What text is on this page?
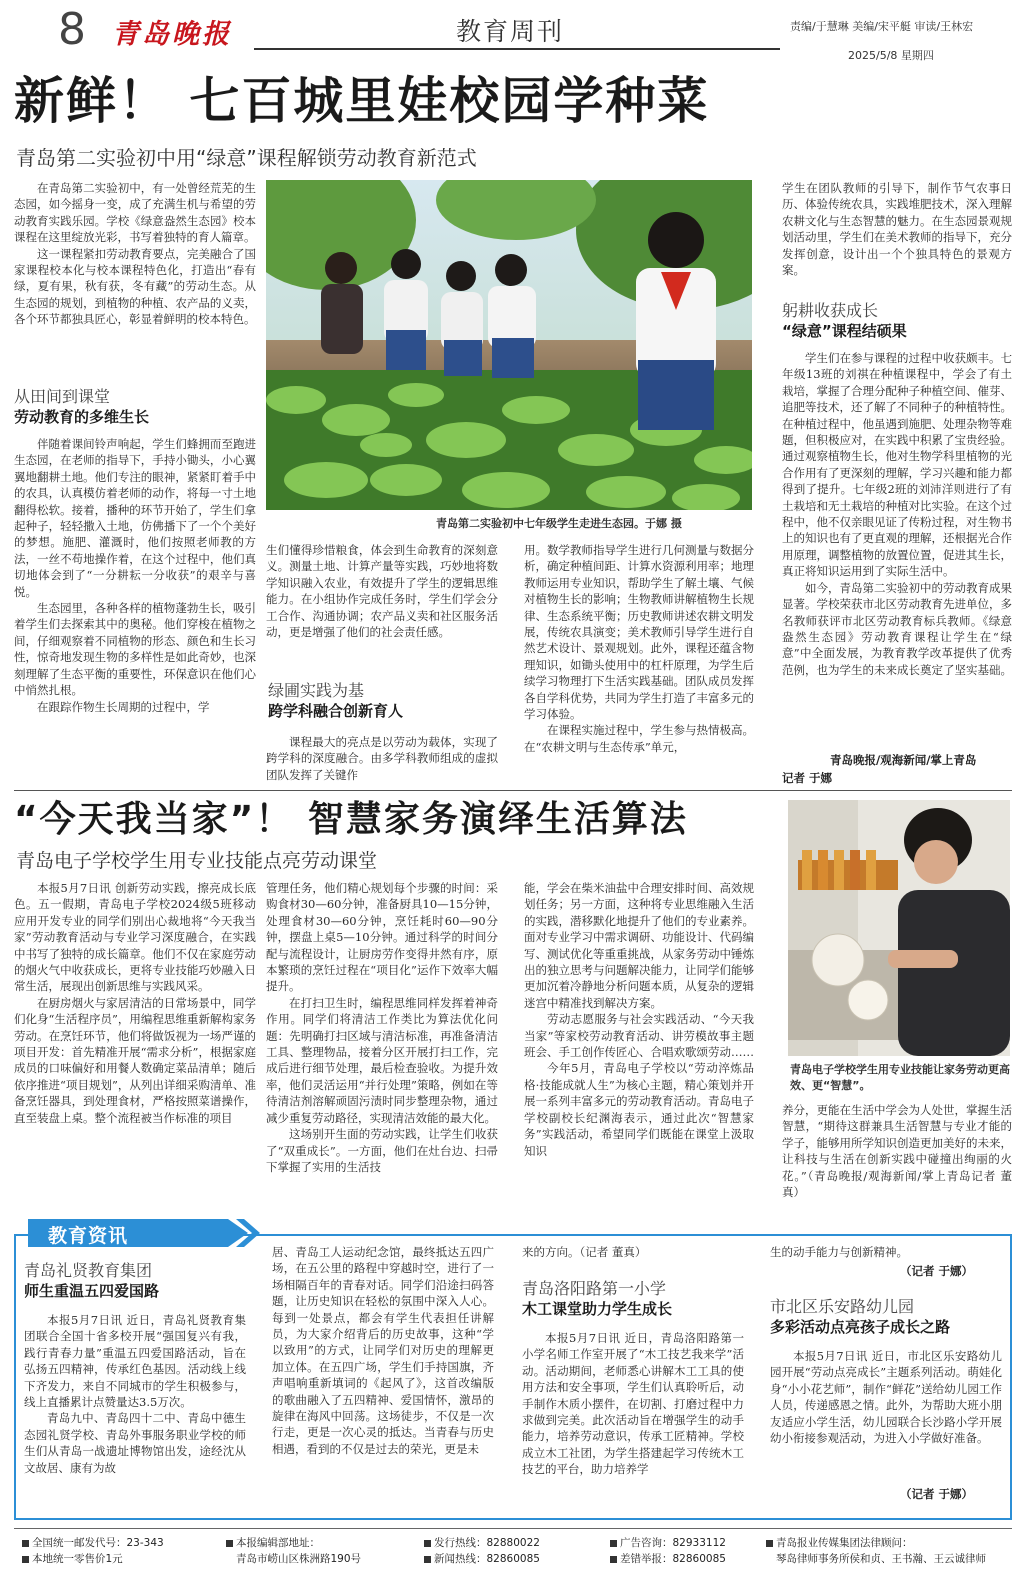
8 青岛晚报	教育周刊	责编/于慧琳 美编/宋平艇 审读/王林宏
2025/5/8 星期四
新鲜！ 七百城里娃校园学种菜
青岛第二实验初中用“绿意”课程解锁劳动教育新范式

在青岛第二实验初中，有一处曾经荒芜的生态园，如今摇身一变，成了充满生机与希望的劳动教育实践乐园。学校《绿意盎然生态园》校本课程在这里绽放光彩，书写着独特的育人篇章。

这一课程紧扣劳动教育要点，完美融合了国家课程校本化与校本课程特色化，打造出“春有绿，夏有果，秋有获，冬有藏”的劳动生态。从生态园的规划，到植物的种植、农产品的义卖，各个环节都独具匠心，彰显着鲜明的校本特色。

从田间到课堂
劳动教育的多维生长

伴随着课间铃声响起，学生们蜂拥而至跑进生态园，在老师的指导下，手持小锄头，小心翼翼地翻耕土地。他们专注的眼神，紧紧盯着手中的农具，认真模仿着老师的动作，将每一寸土地翻得松软。接着，播种的环节开始了，学生们拿起种子，轻轻撒入土地，仿佛播下了一个个美好的梦想。施肥、灌溉时，他们按照老师教的方法，一丝不苟地操作着，在这个过程中，他们真切地体会到了“一分耕耘一分收获”的艰辛与喜悦。

生态园里，各种各样的植物蓬勃生长，吸引着学生们去探索其中的奥秘。他们穿梭在植物之间，仔细观察着不同植物的形态、颜色和生长习性，惊奇地发现生物的多样性是如此奇妙，也深刻理解了生态平衡的重要性，环保意识在他们心中悄然扎根。

在跟踪作物生长周期的过程中，学

青岛第二实验初中七年级学生走进生态园。于娜 摄

生们懂得珍惜粮食，体会到生命教育的深刻意义。测量土地、计算产量等实践，巧妙地将数学知识融入农业，有效提升了学生的逻辑思维能力。在小组协作完成任务时，学生们学会分工合作、沟通协调；农产品义卖和社区服务活动，更是增强了他们的社会责任感。

绿圃实践为基
跨学科融合创新育人

课程最大的亮点是以劳动为载体，实现了跨学科的深度融合。由多学科教师组成的虚拟团队发挥了关键作

用。数学教师指导学生进行几何测量与数据分析，确定种植间距、计算水资源利用率；地理教师运用专业知识，帮助学生了解土壤、气候对植物生长的影响；生物教师讲解植物生长规律、生态系统平衡；历史教师讲述农耕文明发展，传统农具演变；美术教师引导学生进行自然艺术设计、景观规划。此外，课程还蕴含物理知识，如锄头使用中的杠杆原理，为学生后续学习物理打下生活实践基础。团队成员发挥各自学科优势，共同为学生打造了丰富多元的学习体验。

在课程实施过程中，学生参与热情极高。在“农耕文明与生态传承”单元，

学生在团队教师的引导下，制作节气农事日历、体验传统农具，实践堆肥技术，深入理解农耕文化与生态智慧的魅力。在生态园景观规划活动里，学生们在美术教师的指导下，充分发挥创意，设计出一个个独具特色的景观方案。

躬耕收获成长
“绿意”课程结硕果

学生们在参与课程的过程中收获颇丰。七年级13班的刘祺在种植课程中，学会了有土栽培，掌握了合理分配种子种植空间、催芽、追肥等技术，还了解了不同种子的种植特性。在种植过程中，他虽遇到施肥、处理杂物等难题，但积极应对，在实践中积累了宝贵经验。通过观察植物生长，他对生物学科里植物的光合作用有了更深刻的理解，学习兴趣和能力都得到了提升。七年级2班的刘沛洋则进行了有土栽培和无土栽培的种植对比实验。在这个过程中，他不仅亲眼见证了传粉过程，对生物书上的知识也有了更直观的理解，还根据光合作用原理，调整植物的放置位置，促进其生长，真正将知识运用到了实际生活中。

如今，青岛第二实验初中的劳动教育成果显著。学校荣获市北区劳动教育先进单位，多名教师获评市北区劳动教育标兵教师。《绿意盎然生态园》劳动教育课程让学生在“绿意”中全面发展，为教育教学改革提供了优秀范例，也为学生的未来成长奠定了坚实基础。

青岛晚报/观海新闻/掌上青岛
记者 于娜
“今天我当家”！ 智慧家务演绎生活算法
青岛电子学校学生用专业技能点亮劳动课堂

本报5月7日讯 创新劳动实践，擦亮成长底色。五一假期，青岛电子学校2024级5班移动应用开发专业的同学们别出心裁地将“今天我当家”劳动教育活动与专业学习深度融合，在实践中书写了独特的成长篇章。他们不仅在家庭劳动的烟火气中收获成长，更将专业技能巧妙融入日常生活，展现出创新思维与实践风采。

在厨房烟火与家居清洁的日常场景中，同学们化身“生活程序员”，用编程思维重新解构家务劳动。在烹饪环节，他们将做饭视为一场严谨的项目开发：首先精准开展“需求分析”，根据家庭成员的口味偏好和用餐人数确定菜品清单；随后依序推进“项目规划”，从列出详细采购清单、准备烹饪器具，到处理食材，严格按照菜谱操作，直至装盘上桌。整个流程被当作标准的项目

管理任务，他们精心规划每个步骤的时间：采购食材30—60分钟，准备厨具10—15分钟，处理食材30—60分钟，烹饪耗时60—90分钟，摆盘上桌5—10分钟。通过科学的时间分配与流程设计，让厨房劳作变得井然有序，原本繁琐的烹饪过程在“项目化”运作下效率大幅提升。

在打扫卫生时，编程思维同样发挥着神奇作用。同学们将清洁工作类比为算法优化问题：先明确打扫区域与清洁标准，再准备清洁工具、整理物品，接着分区开展打扫工作，完成后进行细节处理，最后检查验收。为提升效率，他们灵活运用“并行处理”策略，例如在等待清洁剂溶解顽固污渍时同步整理杂物，通过减少重复劳动路径，实现清洁效能的最大化。

这场别开生面的劳动实践，让学生们收获了“双重成长”。一方面，他们在灶台边、扫帚下掌握了实用的生活技

能，学会在柴米油盐中合理安排时间、高效规划任务；另一方面，这种将专业思维融入生活的实践，潜移默化地提升了他们的专业素养。面对专业学习中需求调研、功能设计、代码编写、测试优化等重重挑战，从家务劳动中锤炼出的独立思考与问题解决能力，让同学们能够更加沉着冷静地分析问题本质，从复杂的逻辑迷宫中精准找到解决方案。

劳动志愿服务与社会实践活动、“今天我当家”等家校劳动教育活动、讲劳模故事主题班会、手工创作传匠心、合唱欢歌颂劳动……

今年5月，青岛电子学校以“劳动淬炼品格·技能成就人生”为核心主题，精心策划并开展一系列丰富多元的劳动教育活动。青岛电子学校副校长纪渊海表示，通过此次“智慧家务”实践活动，希望同学们既能在课堂上汲取知识

青岛电子学校学生用专业技能让家务劳动更高效、更“智慧”。

养分，更能在生活中学会为人处世，掌握生活智慧，“期待这群兼具生活智慧与专业才能的学子，能够用所学知识创造更加美好的未来，让科技与生活在创新实践中碰撞出绚丽的火花。”（青岛晚报/观海新闻/掌上青岛记者 董真）

教育资讯
青岛礼贤教育集团
师生重温五四爱国路

本报5月7日讯 近日，青岛礼贤教育集团联合全国十省多校开展“强国复兴有我，践行青春力量”重温五四爱国路活动，旨在弘扬五四精神，传承红色基因。活动线上线下齐发力，来自不同城市的学生积极参与，线上直播累计点赞量达3.5万次。

青岛九中、青岛四十二中、青岛中德生态园礼贤学校、青岛外事服务职业学校的师生们从青岛一战遗址博物馆出发，途经沈从文故居、康有为故

居、青岛工人运动纪念馆，最终抵达五四广场，在五公里的路程中穿越时空，进行了一场相隔百年的青春对话。同学们沿途扫码答题，让历史知识在轻松的氛围中深入人心。每到一处景点，都会有学生代表担任讲解员，为大家介绍背后的历史故事，这种“学以致用”的方式，让同学们对历史的理解更加立体。在五四广场，学生们手持国旗，齐声唱响重新填词的《起风了》，这首改编版的歌曲融入了五四精神、爱国情怀，激昂的旋律在海风中回荡。这场徒步，不仅是一次行走，更是一次心灵的抵达。当青春与历史相遇，看到的不仅是过去的荣光，更是未

来的方向。（记者 董真）

青岛洛阳路第一小学
木工课堂助力学生成长

本报5月7日讯 近日，青岛洛阳路第一小学名师工作室开展了“木工技艺我来学”活动。活动期间，老师悉心讲解木工工具的使用方法和安全事项，学生们认真聆听后，动手制作木质小摆件，在切割、打磨过程中力求做到完美。此次活动旨在增强学生的动手能力，培养劳动意识，传承工匠精神。学校成立木工社团，为学生搭建起学习传统木工技艺的平台，助力培养学

生的动手能力与创新精神。

（记者 于娜）
市北区乐安路幼儿园
多彩活动点亮孩子成长之路

本报5月7日讯 近日，市北区乐安路幼儿园开展“劳动点亮成长”主题系列活动。萌娃化身“小小花艺师”，制作“鲜花”送给幼儿园工作人员，传递感恩之情。此外，为帮助大班小朋友适应小学生活，幼儿园联合长沙路小学开展幼小衔接参观活动，为进入小学做好准备。

（记者 于娜）
全国统一邮发代号：23-343
本地统一零售价1元
本报编辑部地址：
青岛市崂山区株洲路190号
发行热线：82880022
新闻热线：82860085
广告咨询：82933112
差错举报：82860085
青岛报业传媒集团法律顾问：
琴岛律师事务所侯和贞、王书瀚、王云诚律师
